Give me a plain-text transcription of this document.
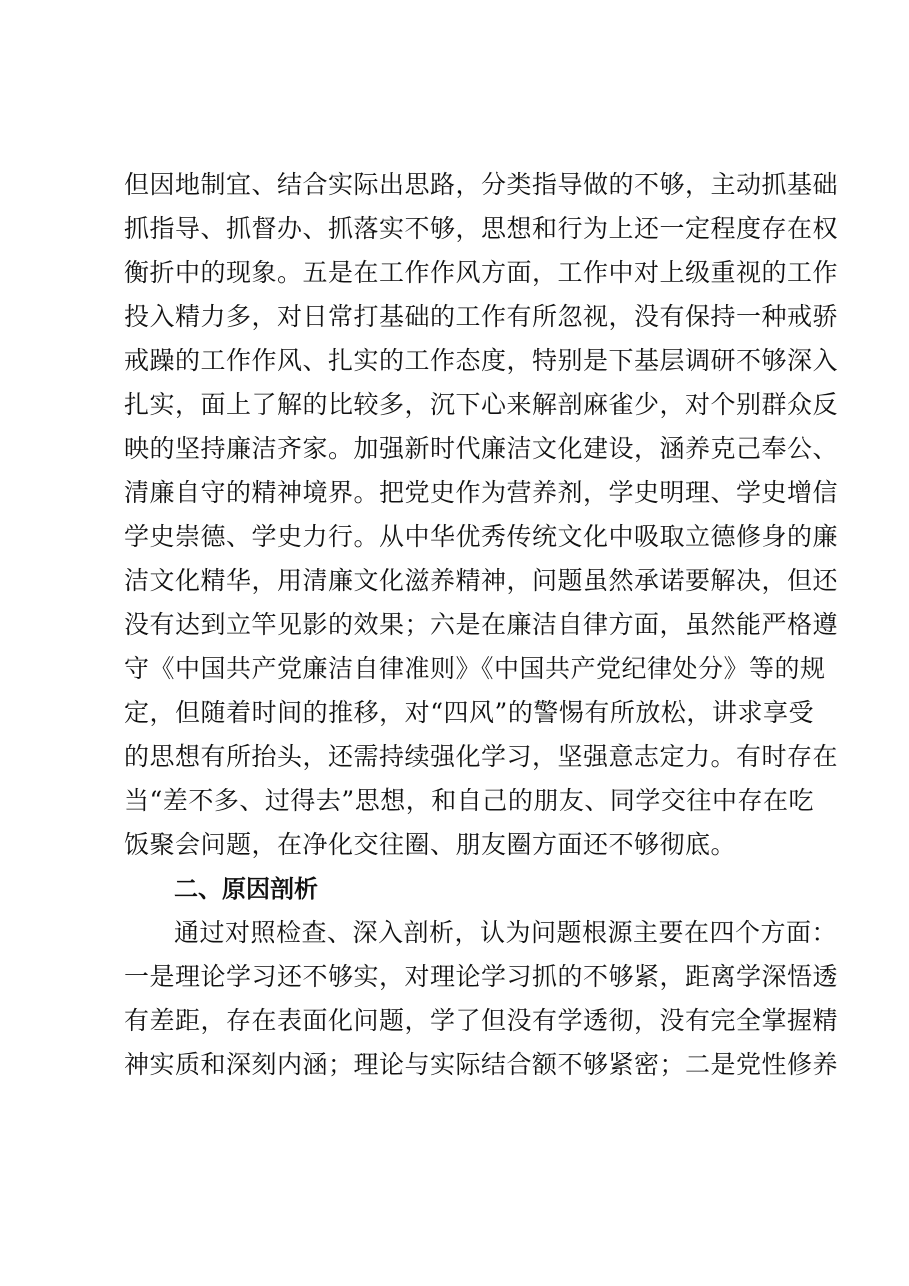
但因地制宜、结合实际出思路，分类指导做的不够，主动抓基础
抓指导、抓督办、抓落实不够，思想和行为上还一定程度存在权
衡折中的现象。五是在工作作风方面，工作中对上级重视的工作
投入精力多，对日常打基础的工作有所忽视，没有保持一种戒骄
戒躁的工作作风、扎实的工作态度，特别是下基层调研不够深入
扎实，面上了解的比较多，沉下心来解剖麻雀少，对个别群众反
映的坚持廉洁齐家。加强新时代廉洁文化建设，涵养克己奉公、
清廉自守的精神境界。把党史作为营养剂，学史明理、学史增信
学史崇德、学史力行。从中华优秀传统文化中吸取立德修身的廉
洁文化精华，用清廉文化滋养精神，问题虽然承诺要解决，但还
没有达到立竿见影的效果；六是在廉洁自律方面，虽然能严格遵
守《中国共产党廉洁自律准则》《中国共产党纪律处分》等的规
定，但随着时间的推移，对“四风”的警惕有所放松，讲求享受
的思想有所抬头，还需持续强化学习，坚强意志定力。有时存在
当“差不多、过得去”思想，和自己的朋友、同学交往中存在吃
饭聚会问题，在净化交往圈、朋友圈方面还不够彻底。
二、原因剖析
通过对照检查、深入剖析，认为问题根源主要在四个方面：
一是理论学习还不够实，对理论学习抓的不够紧，距离学深悟透
有差距，存在表面化问题，学了但没有学透彻，没有完全掌握精
神实质和深刻内涵；理论与实际结合额不够紧密；二是党性修养
